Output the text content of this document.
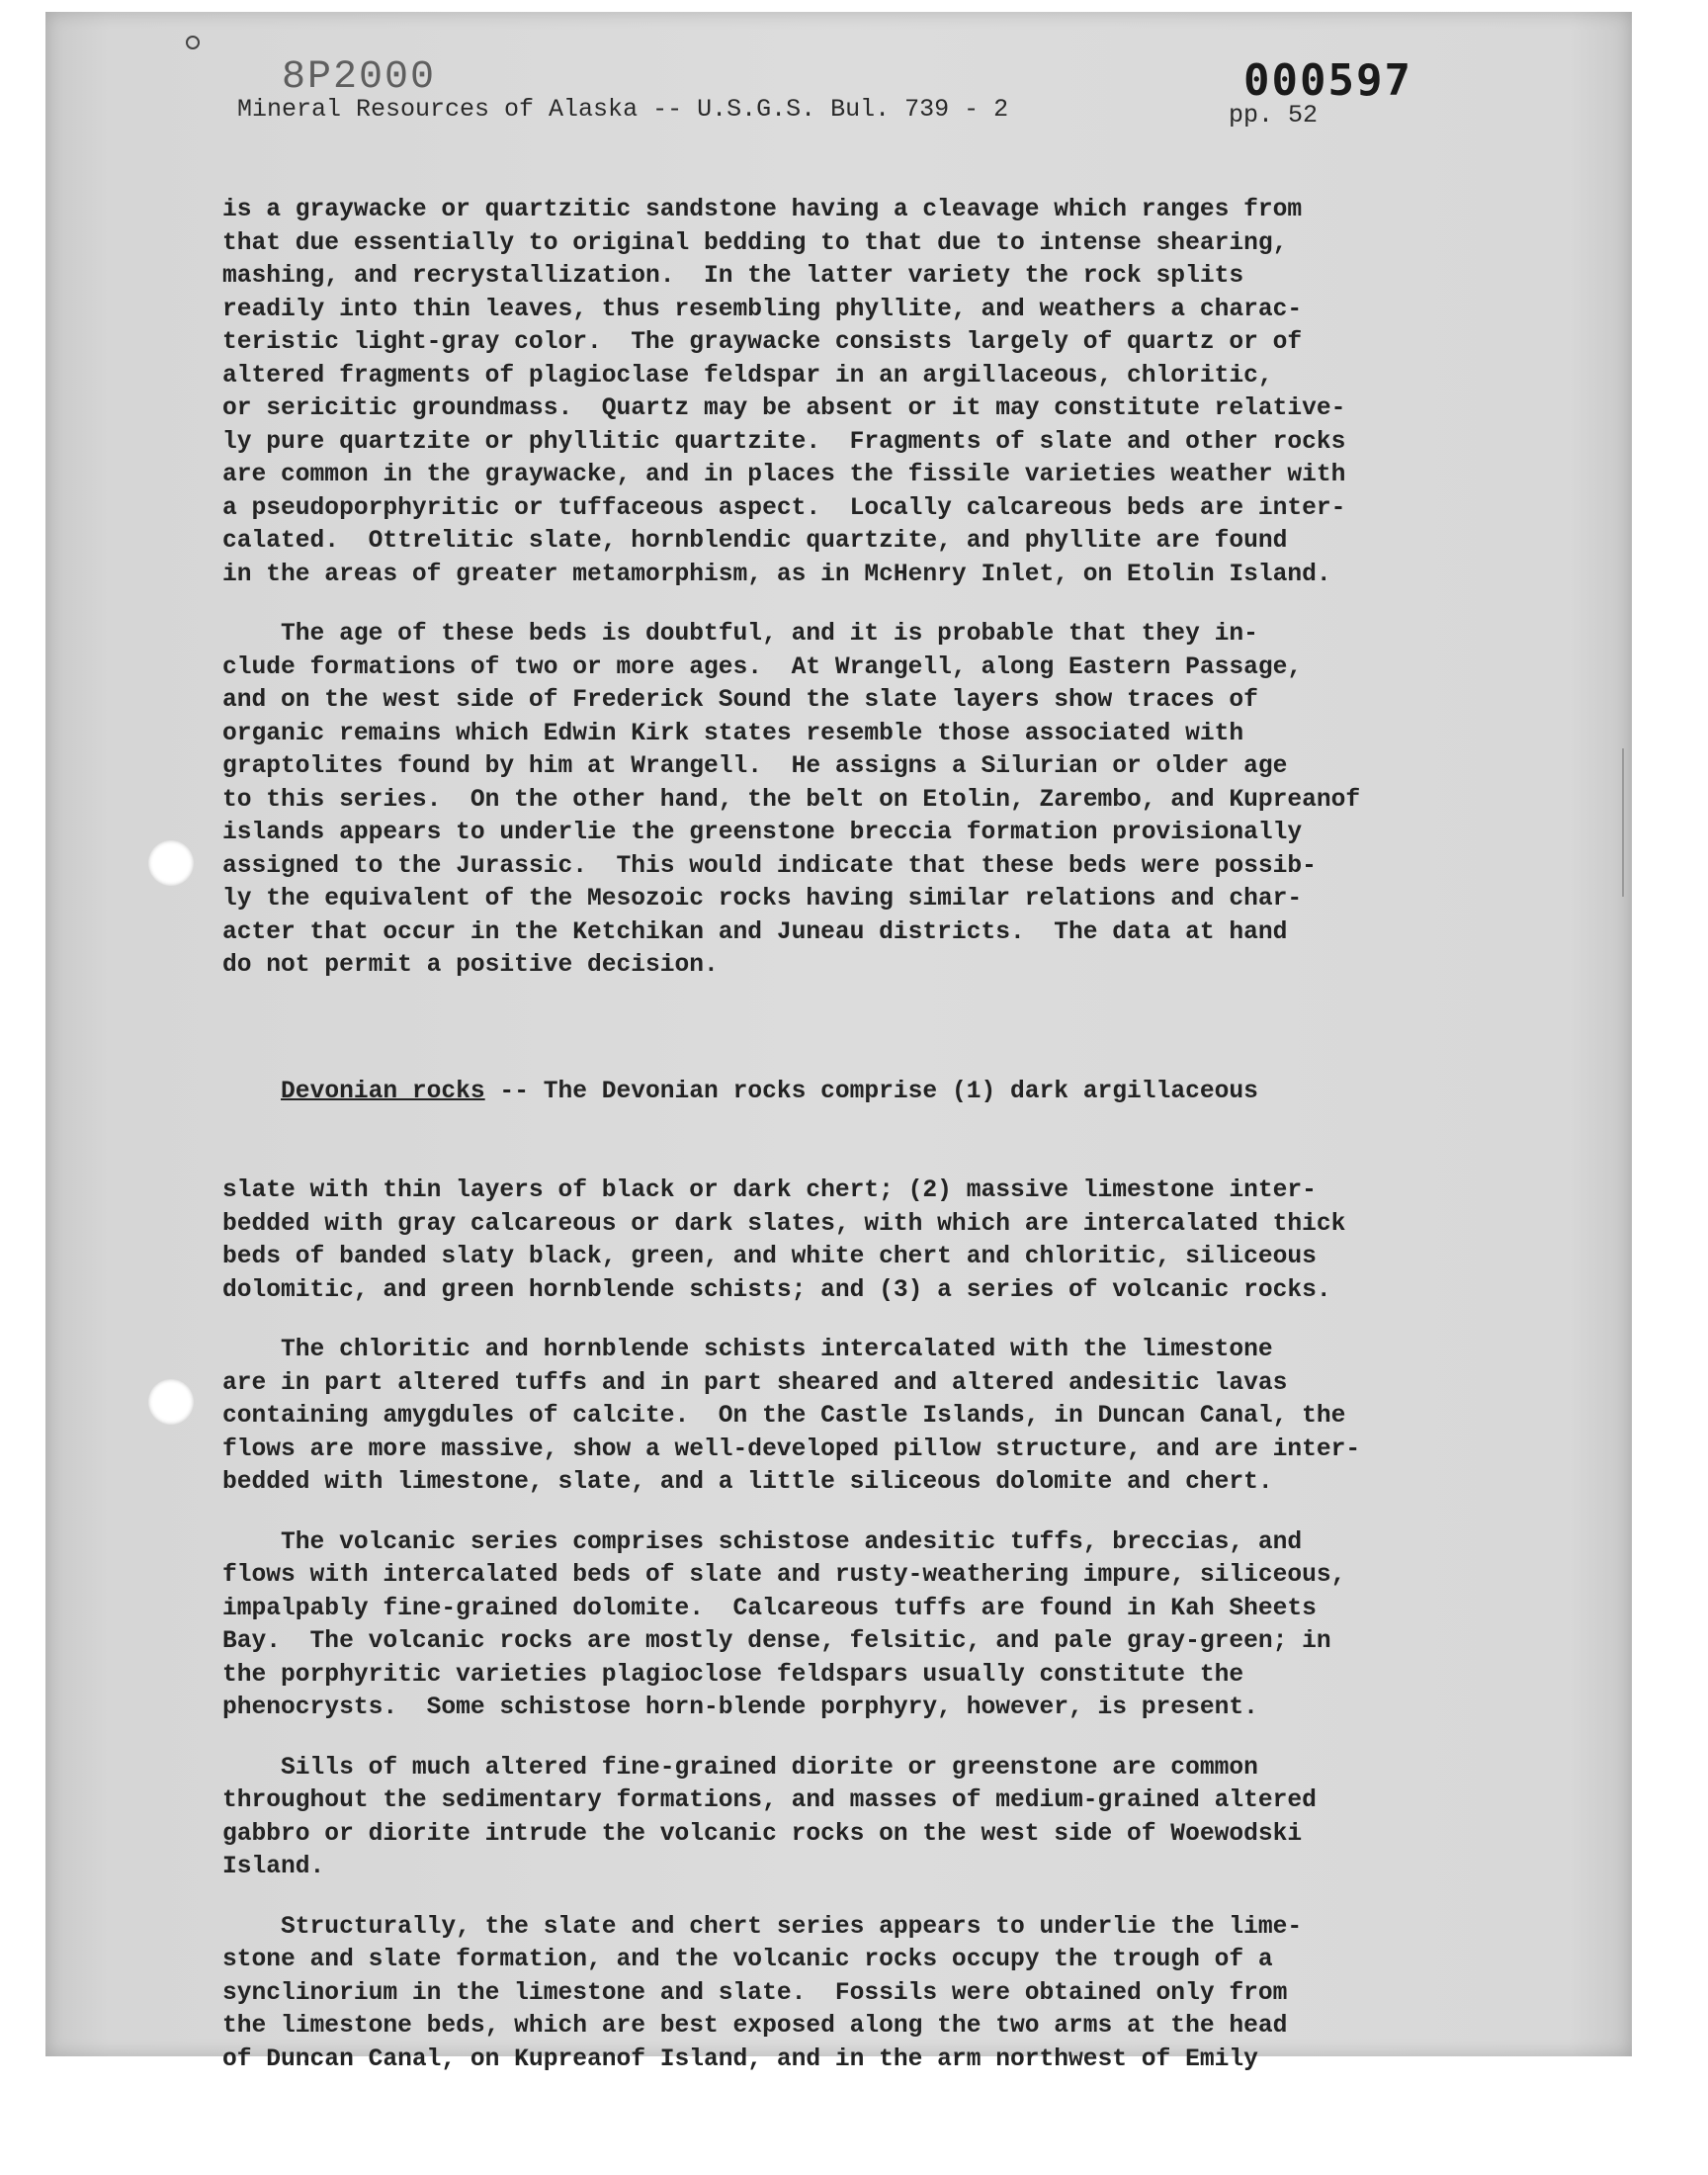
8P2000	000597
Mineral Resources of Alaska -- U.S.G.S. Bul. 739 - 2	pp. 52
is a graywacke or quartzitic sandstone having a cleavage which ranges from
that due essentially to original bedding to that due to intense shearing,
mashing, and recrystallization.  In the latter variety the rock splits
readily into thin leaves, thus resembling phyllite, and weathers a charac-
teristic light-gray color.  The graywacke consists largely of quartz or of
altered fragments of plagioclase feldspar in an argillaceous, chloritic,
or sericitic groundmass.  Quartz may be absent or it may constitute relative-
ly pure quartzite or phyllitic quartzite.  Fragments of slate and other rocks
are common in the graywacke, and in places the fissile varieties weather with
a pseudoporphyritic or tuffaceous aspect.  Locally calcareous beds are inter-
calated.  Ottrelitic slate, hornblendic quartzite, and phyllite are found
in the areas of greater metamorphism, as in McHenry Inlet, on Etolin Island.
The age of these beds is doubtful, and it is probable that they in-
clude formations of two or more ages.  At Wrangell, along Eastern Passage,
and on the west side of Frederick Sound the slate layers show traces of
organic remains which Edwin Kirk states resemble those associated with
graptolites found by him at Wrangell.  He assigns a Silurian or older age
to this series.  On the other hand, the belt on Etolin, Zarembo, and Kupreanof
islands appears to underlie the greenstone breccia formation provisionally
assigned to the Jurassic.  This would indicate that these beds were possib-
ly the equivalent of the Mesozoic rocks having similar relations and char-
acter that occur in the Ketchikan and Juneau districts.  The data at hand
do not permit a positive decision.

Devonian rocks -- The Devonian rocks comprise (1) dark argillaceous

slate with thin layers of black or dark chert; (2) massive limestone inter-
bedded with gray calcareous or dark slates, with which are intercalated thick
beds of banded slaty black, green, and white chert and chloritic, siliceous
dolomitic, and green hornblende schists; and (3) a series of volcanic rocks.
The chloritic and hornblende schists intercalated with the limestone
are in part altered tuffs and in part sheared and altered andesitic lavas
containing amygdules of calcite.  On the Castle Islands, in Duncan Canal, the
flows are more massive, show a well-developed pillow structure, and are inter-
bedded with limestone, slate, and a little siliceous dolomite and chert.
The volcanic series comprises schistose andesitic tuffs, breccias, and
flows with intercalated beds of slate and rusty-weathering impure, siliceous,
impalpably fine-grained dolomite.  Calcareous tuffs are found in Kah Sheets
Bay.  The volcanic rocks are mostly dense, felsitic, and pale gray-green; in
the porphyritic varieties plagioclose feldspars usually constitute the
phenocrysts.  Some schistose horn-blende porphyry, however, is present.
Sills of much altered fine-grained diorite or greenstone are common
throughout the sedimentary formations, and masses of medium-grained altered
gabbro or diorite intrude the volcanic rocks on the west side of Woewodski
Island.
Structurally, the slate and chert series appears to underlie the lime-
stone and slate formation, and the volcanic rocks occupy the trough of a
synclinorium in the limestone and slate.  Fossils were obtained only from
the limestone beds, which are best exposed along the two arms at the head
of Duncan Canal, on Kupreanof Island, and in the arm northwest of Emily
